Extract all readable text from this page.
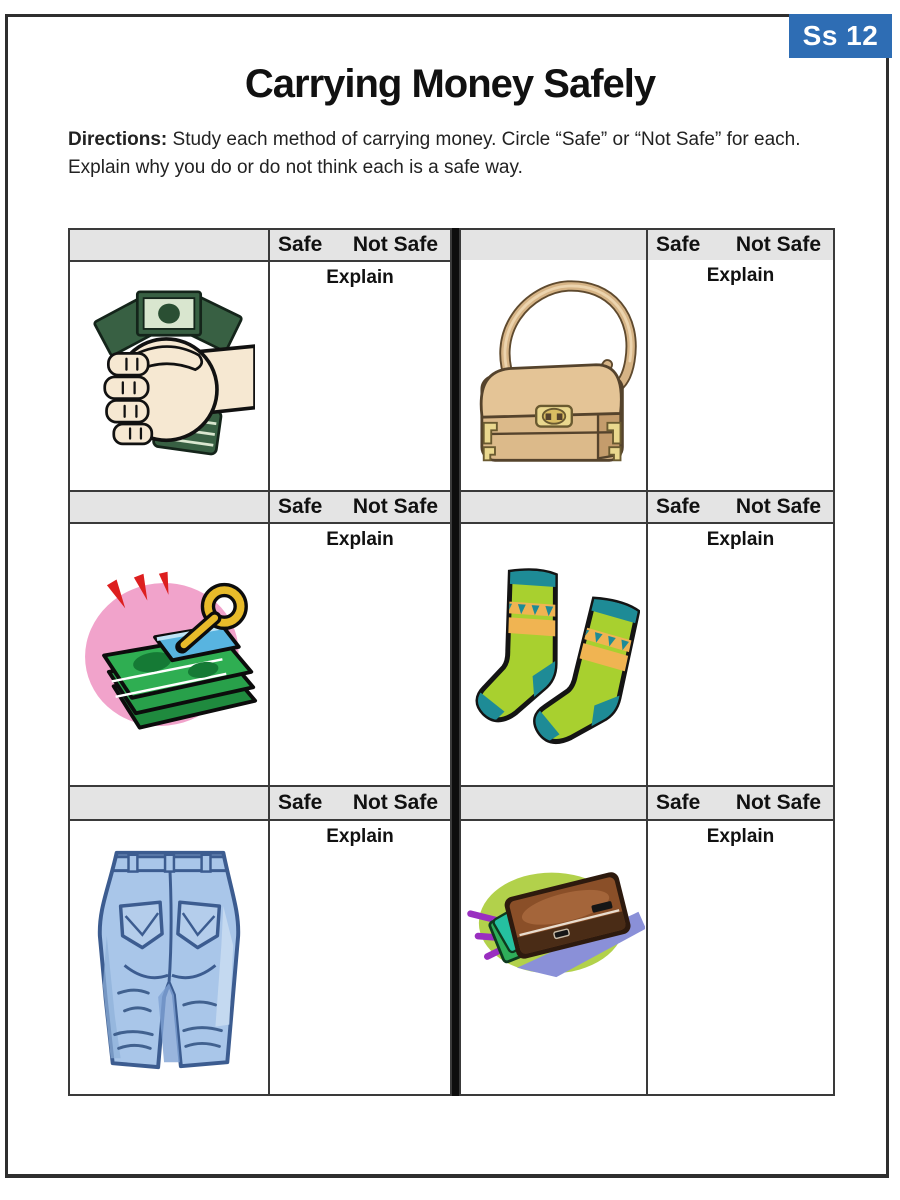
Ss 12
Carrying Money Safely
Directions: Study each method of carrying money. Circle “Safe” or “Not Safe” for each.
Explain why you do or do not think each is a safe way.
Safe Not Safe
Explain
Safe Not Safe
Explain
Safe Not Safe
Explain
Safe Not Safe
Explain
Safe Not Safe
Explain
Safe Not Safe
Explain
